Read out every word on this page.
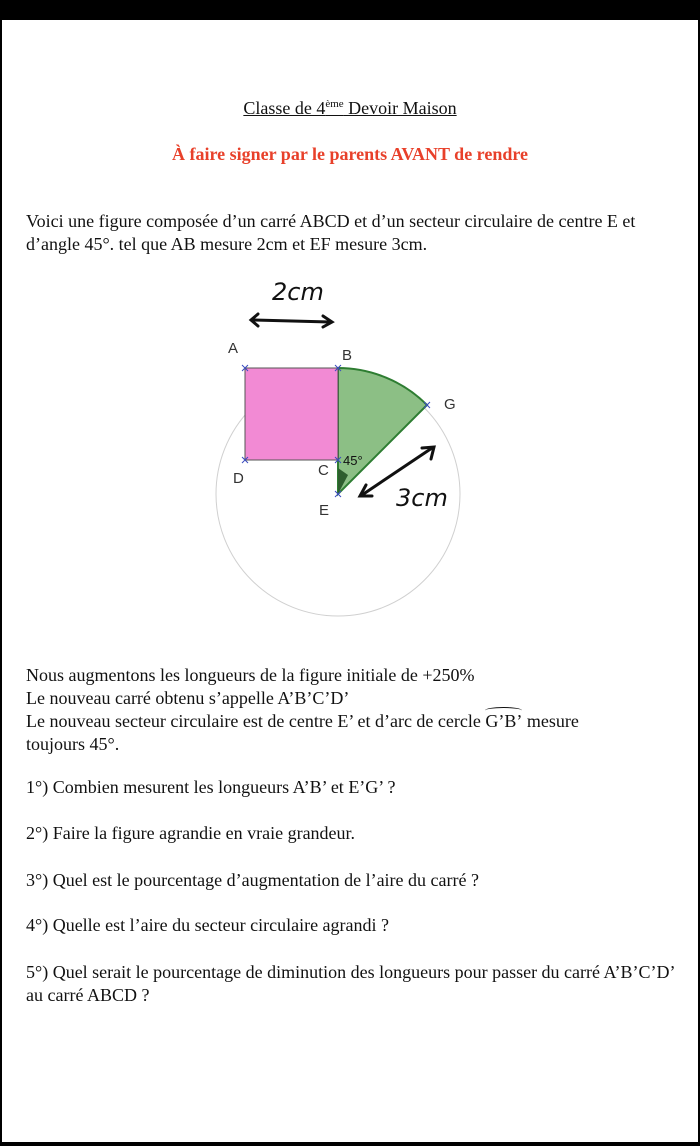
Classe de 4ème Devoir Maison
À faire signer par le parents AVANT de rendre
Voici une figure composée d’un carré ABCD et d’un secteur circulaire de centre E et d’angle 45°. tel que AB mesure 2cm et EF mesure 3cm.
A	B
G
D	C
E
45°
2cm
3cm
Nous augmentons les longueurs de la figure initiale de +250%
Le nouveau carré obtenu s’appelle A’B’C’D’
Le nouveau secteur circulaire est de centre E’ et d’arc de cercle G’B’ mesure
toujours 45°.
1°) Combien mesurent les longueurs A’B’ et E’G’ ?
2°) Faire la figure agrandie en vraie grandeur.
3°) Quel est le pourcentage d’augmentation de l’aire du carré ?
4°) Quelle est l’aire du secteur circulaire agrandi ?
5°) Quel serait le pourcentage de diminution des longueurs pour passer du carré A’B’C’D’ au carré ABCD ?
